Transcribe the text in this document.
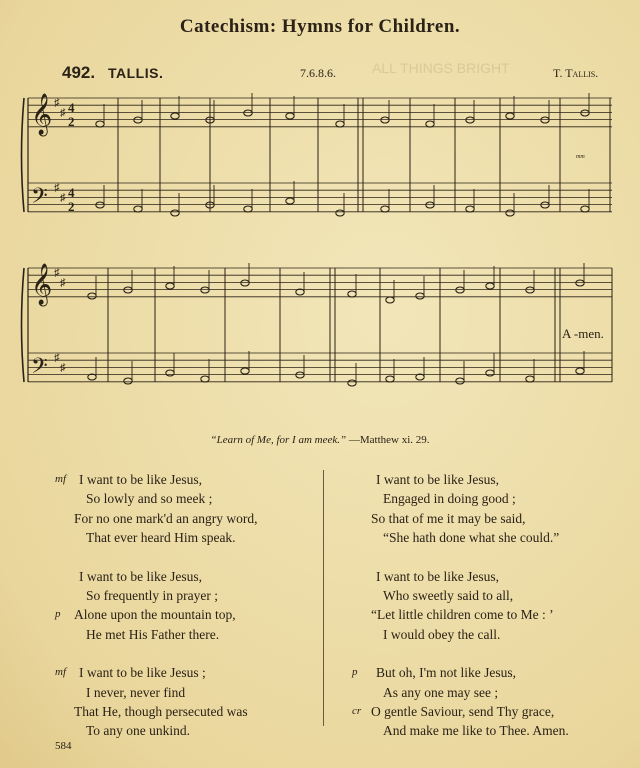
ALL THINGS BRIGHT
Catechism: Hymns for Children.
492. TALLIS.	7.6.8.6.	T. Tallis.
𝄞 ♯
♯ 4
2
𝄢 ♯
♯ 4
2
𝄞 ♯
♯
𝄢 ♯
♯
mm
A -men.
“Learn of Me, for I am meek.” —Matthew xi. 29.
mf I want to be like Jesus,
So lowly and so meek ;
For no one mark'd an angry word,
That ever heard Him speak.
I want to be like Jesus,
So frequently in prayer ;
p Alone upon the mountain top,
He met His Father there.
mf I want to be like Jesus ;
I never, never find
That He, though persecuted was
To any one unkind.
I want to be like Jesus,
Engaged in doing good ;
So that of me it may be said,
“She hath done what she could.”
I want to be like Jesus,
Who sweetly said to all,
“Let little children come to Me : ’
I would obey the call.
p But oh, I'm not like Jesus,
As any one may see ;
cr O gentle Saviour, send Thy grace,
And make me like to Thee. Amen.
584
